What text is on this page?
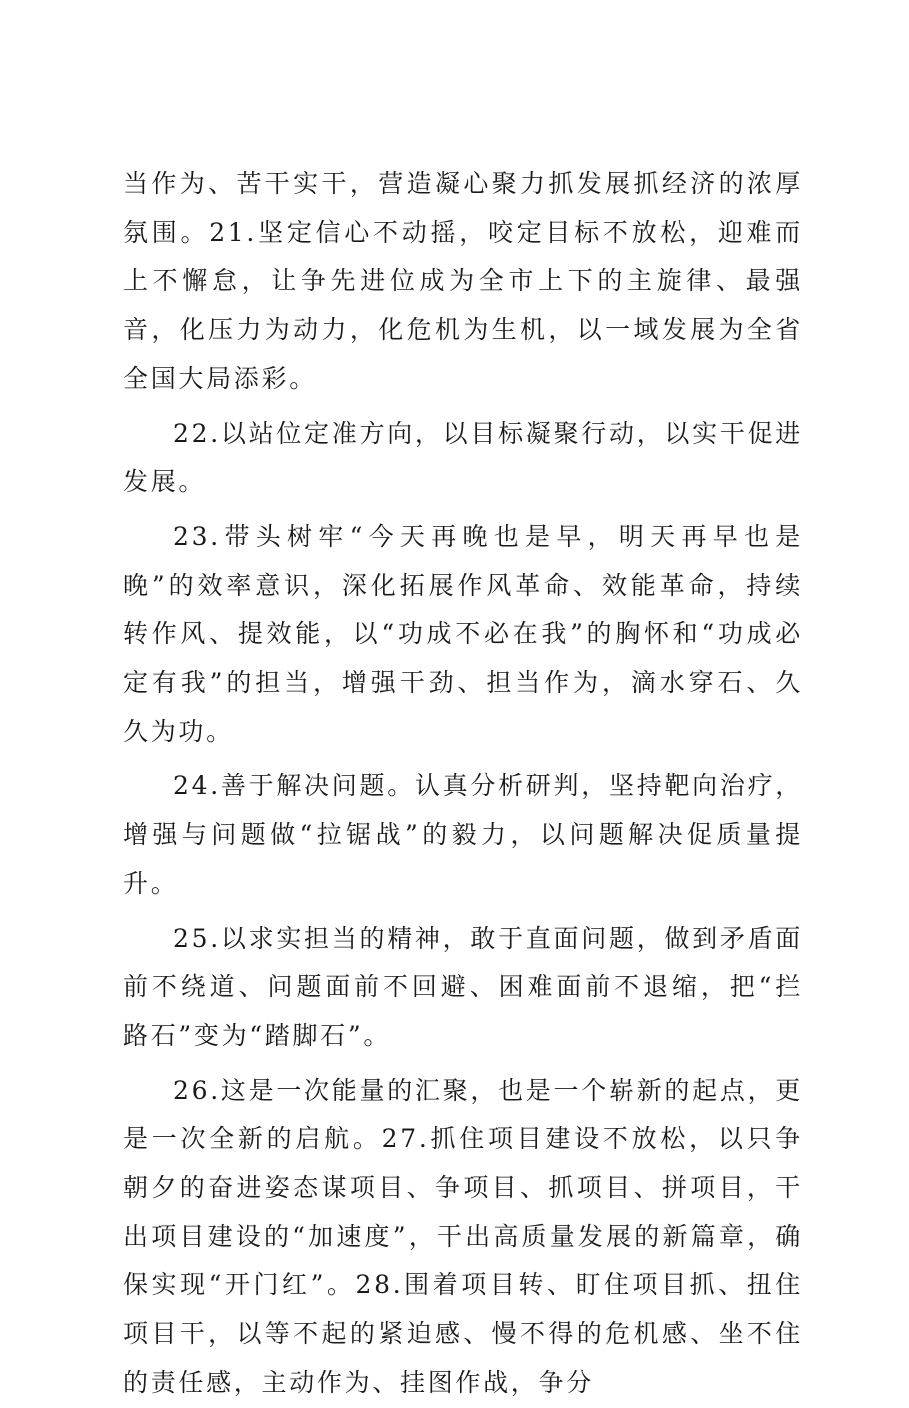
当作为、苦干实干，营造凝心聚力抓发展抓经济的浓厚氛围。21.坚定信心不动摇，咬定目标不放松，迎难而上不懈怠，让争先进位成为全市上下的主旋律、最强音，化压力为动力，化危机为生机，以一域发展为全省全国大局添彩。

22.以站位定准方向，以目标凝聚行动，以实干促进发展。

23.带头树牢“今天再晚也是早，明天再早也是晚”的效率意识，深化拓展作风革命、效能革命，持续转作风、提效能，以“功成不必在我”的胸怀和“功成必定有我”的担当，增强干劲、担当作为，滴水穿石、久久为功。

24.善于解决问题。认真分析研判，坚持靶向治疗，增强与问题做“拉锯战”的毅力，以问题解决促质量提升。

25.以求实担当的精神，敢于直面问题，做到矛盾面前不绕道、问题面前不回避、困难面前不退缩，把“拦路石”变为“踏脚石”。

26.这是一次能量的汇聚，也是一个崭新的起点，更是一次全新的启航。27.抓住项目建设不放松，以只争朝夕的奋进姿态谋项目、争项目、抓项目、拼项目，干出项目建设的“加速度”，干出高质量发展的新篇章，确保实现“开门红”。28.围着项目转、盯住项目抓、扭住项目干，以等不起的紧迫感、慢不得的危机感、坐不住的责任感，主动作为、挂图作战，争分
